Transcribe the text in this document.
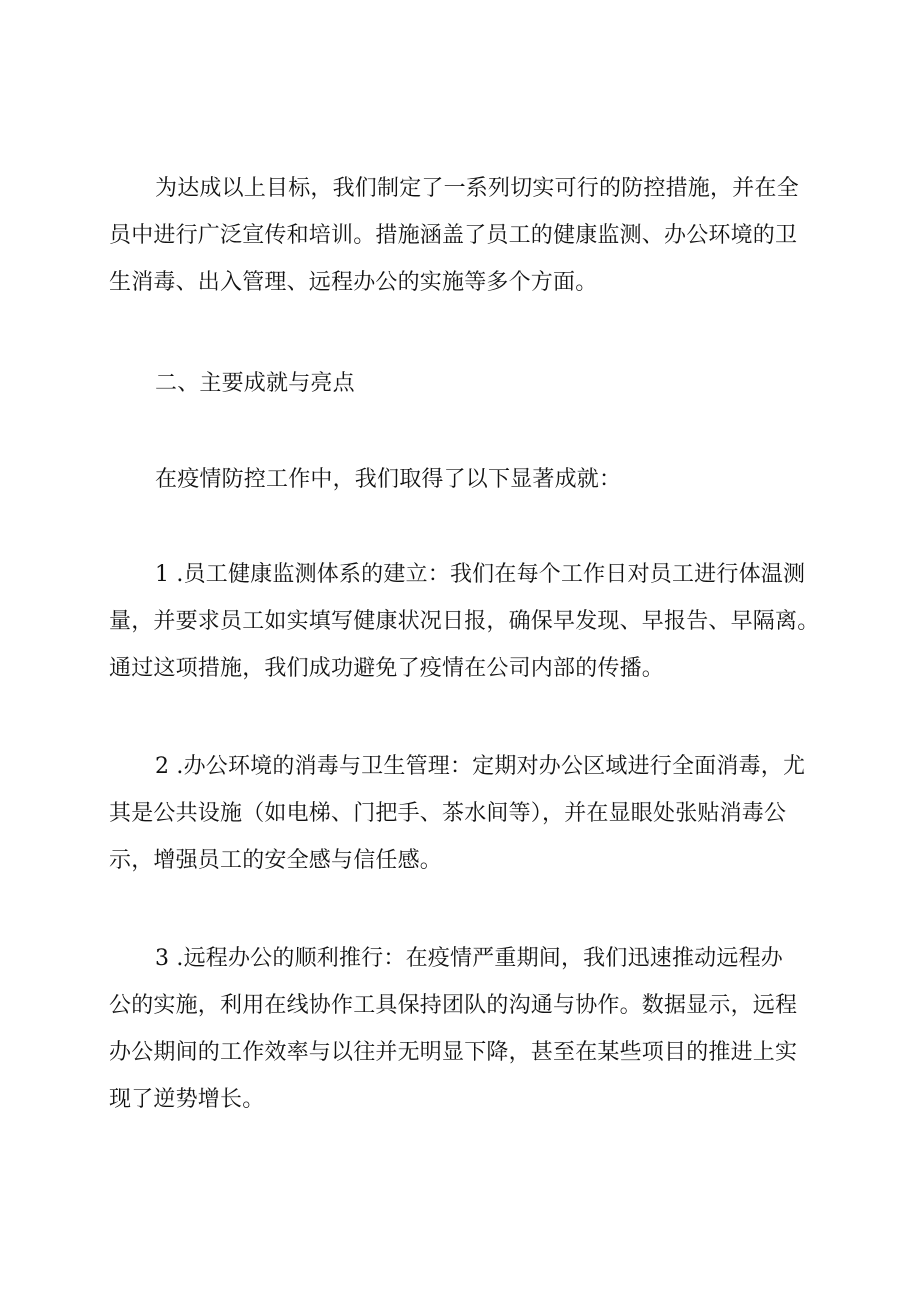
为达成以上目标，我们制定了一系列切实可行的防控措施，并在全
员中进行广泛宣传和培训。措施涵盖了员工的健康监测、办公环境的卫
生消毒、出入管理、远程办公的实施等多个方面。

二、主要成就与亮点

在疫情防控工作中，我们取得了以下显著成就：

1 .员工健康监测体系的建立：我们在每个工作日对员工进行体温测
量，并要求员工如实填写健康状况日报，确保早发现、早报告、早隔离。
通过这项措施，我们成功避免了疫情在公司内部的传播。

2 .办公环境的消毒与卫生管理：定期对办公区域进行全面消毒，尤
其是公共设施（如电梯、门把手、茶水间等），并在显眼处张贴消毒公
示，增强员工的安全感与信任感。

3 .远程办公的顺利推行：在疫情严重期间，我们迅速推动远程办
公的实施，利用在线协作工具保持团队的沟通与协作。数据显示，远程
办公期间的工作效率与以往并无明显下降，甚至在某些项目的推进上实
现了逆势增长。
